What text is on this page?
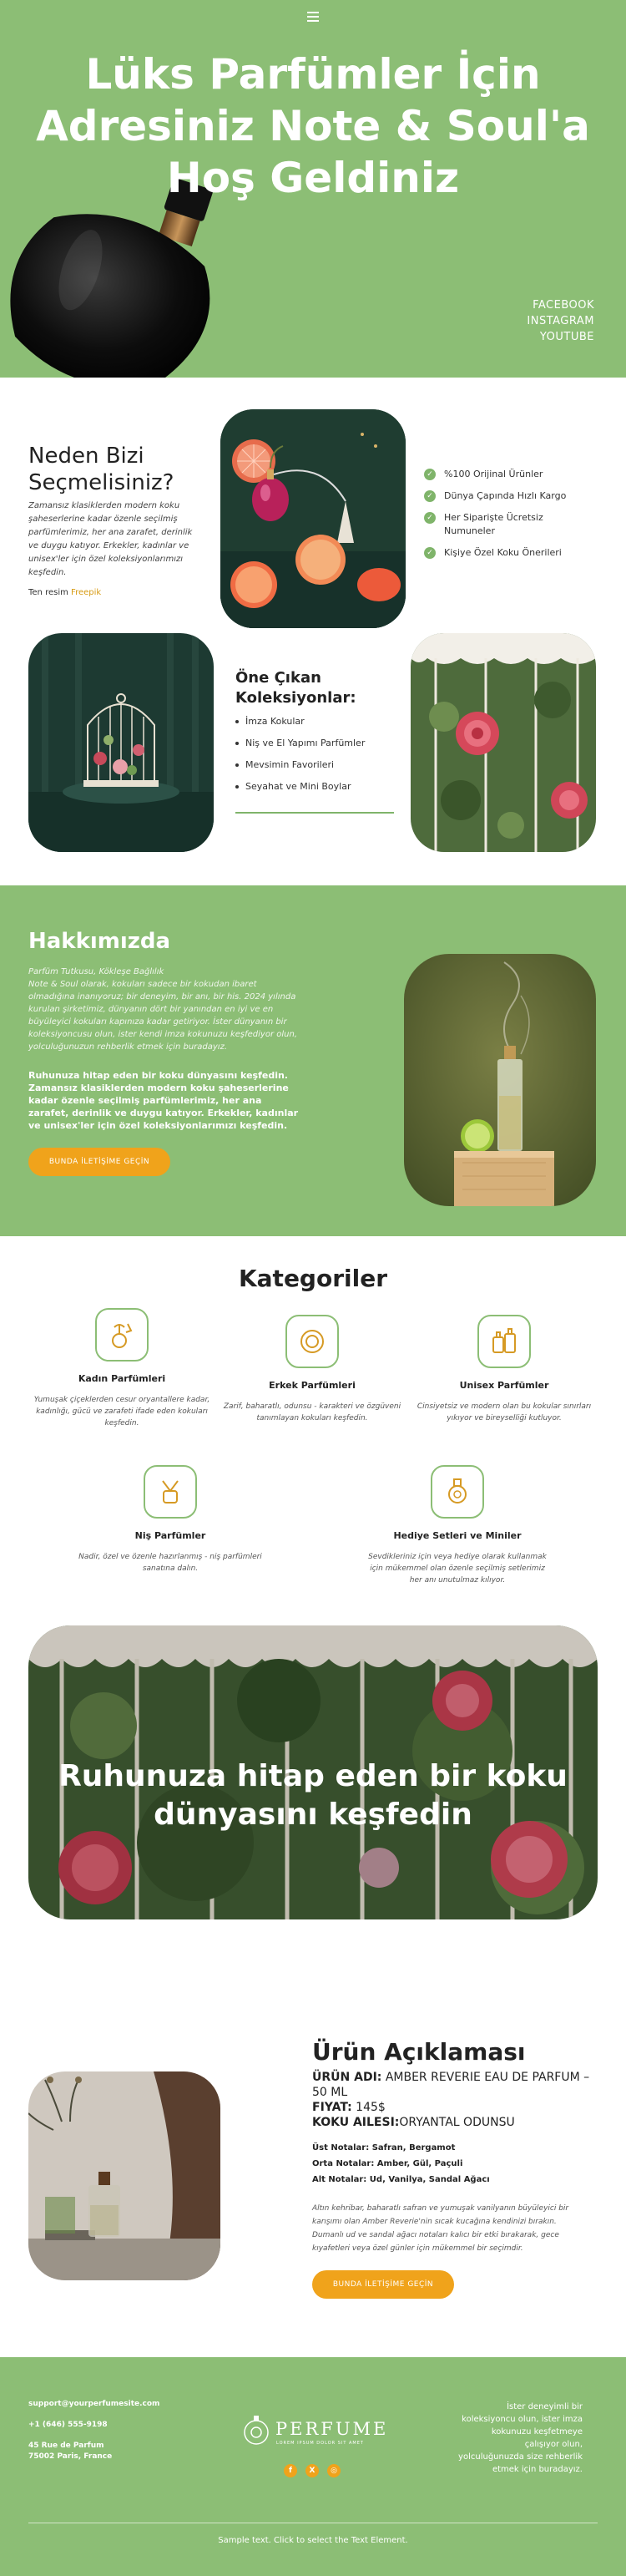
Lüks Parfümler İçin Adresiniz Note & Soul'a Hoş Geldiniz
FACEBOOK
INSTAGRAM
YOUTUBE
Neden Bizi Seçmelisiniz?

Zamansız klasiklerden modern koku şaheserlerine kadar özenle seçilmiş parfümlerimiz, her ana zarafet, derinlik ve duygu katıyor. Erkekler, kadınlar ve unisex'ler için özel koleksiyonlarımızı keşfedin.

Ten resim Freepik
✓ %100 Orijinal Ürünler
✓ Dünya Çapında Hızlı Kargo
✓ Her Siparişte Ücretsiz Numuneler
✓ Kişiye Özel Koku Önerileri
Öne Çıkan Koleksiyonlar:
İmza Kokular
Niş ve El Yapımı Parfümler
Mevsimin Favorileri
Seyahat ve Mini Boylar
Hakkımızda

Parfüm Tutkusu, Kökleşe Bağlılık
Note & Soul olarak, kokuları sadece bir kokudan ibaret olmadığına inanıyoruz; bir deneyim, bir anı, bir his. 2024 yılında kurulan şirketimiz, dünyanın dört bir yanından en iyi ve en büyüleyici kokuları kapınıza kadar getiriyor. İster dünyanın bir koleksiyoncusu olun, ister kendi imza kokunuzu keşfediyor olun, yolculuğunuzun rehberlik etmek için buradayız.

Ruhunuza hitap eden bir koku dünyasını keşfedin. Zamansız klasiklerden modern koku şaheserlerine kadar özenle seçilmiş parfümlerimiz, her ana zarafet, derinlik ve duygu katıyor. Erkekler, kadınlar ve unisex'ler için özel koleksiyonlarımızı keşfedin.

BUNDA İLETİŞİME GEÇİN
Kategoriler
Kadın Parfümleri

Yumuşak çiçeklerden cesur oryantallere kadar, kadınlığı, gücü ve zarafeti ifade eden kokuları keşfedin.

Erkek Parfümleri

Zarif, baharatlı, odunsu - karakteri ve özgüveni tanımlayan kokuları keşfedin.

Unisex Parfümler

Cinsiyetsiz ve modern olan bu kokular sınırları yıkıyor ve bireyselliği kutluyor.

Niş Parfümler

Nadir, özel ve özenle hazırlanmış - niş parfümleri sanatına dalın.

Hediye Setleri ve Miniler

Sevdikleriniz için veya hediye olarak kullanmak için mükemmel olan özenle seçilmiş setlerimiz her anı unutulmaz kılıyor.

Ruhunuza hitap eden bir koku dünyasını keşfedin
Ürün Açıklaması
ÜRÜN ADI: AMBER REVERIE EAU DE PARFUM – 50 ML
FIYAT: 145$
KOKU AILESI:ORYANTAL ODUNSU
Üst Notalar: Safran, Bergamot
Orta Notalar: Amber, Gül, Paçuli
Alt Notalar: Ud, Vanilya, Sandal Ağacı

Altın kehribar, baharatlı safran ve yumuşak vanilyanın büyüleyici bir karışımı olan Amber Reverie'nin sıcak kucağına kendinizi bırakın. Dumanlı ud ve sandal ağacı notaları kalıcı bir etki bırakarak, gece kıyafetleri veya özel günler için mükemmel bir seçimdir.

BUNDA İLETİŞİME GEÇİN
support@yourperfumesite.com
+1 (646) 555-9198
45 Rue de Parfum
75002 Paris, France
PERFUME
LOREM IPSUM DOLOR SIT AMET
f	X	◎
İster deneyimli bir koleksiyoncu olun, ister imza kokunuzu keşfetmeye çalışıyor olun, yolculuğunuzda size rehberlik etmek için buradayız.
Sample text. Click to select the Text Element.
